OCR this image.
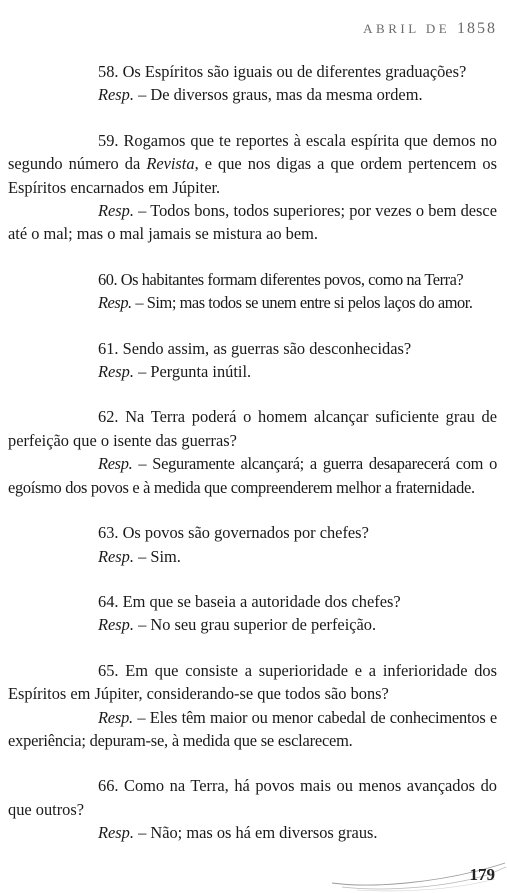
ABRIL DE 1858

58. Os Espíritos são iguais ou de diferentes graduações?

Resp. – De diversos graus, mas da mesma ordem.

59. Rogamos que te reportes à escala espírita que demos no segundo número da Revista, e que nos digas a que ordem pertencem os Espíritos encarnados em Júpiter.

Resp. – Todos bons, todos superiores; por vezes o bem desce até o mal; mas o mal jamais se mistura ao bem.

60. Os habitantes formam diferentes povos, como na Terra?

Resp. – Sim; mas todos se unem entre si pelos laços do amor.

61. Sendo assim, as guerras são desconhecidas?

Resp. – Pergunta inútil.

62. Na Terra poderá o homem alcançar suficiente grau de perfeição que o isente das guerras?

Resp. – Seguramente alcançará; a guerra desaparecerá com o egoísmo dos povos e à medida que compreenderem melhor a fraternidade.

63. Os povos são governados por chefes?

Resp. – Sim.

64. Em que se baseia a autoridade dos chefes?

Resp. – No seu grau superior de perfeição.

65. Em que consiste a superioridade e a inferioridade dos Espíritos em Júpiter, considerando-se que todos são bons?

Resp. – Eles têm maior ou menor cabedal de conhecimentos e experiência; depuram-se, à medida que se esclarecem.

66. Como na Terra, há povos mais ou menos avançados do que outros?

Resp. – Não; mas os há em diversos graus.

179
